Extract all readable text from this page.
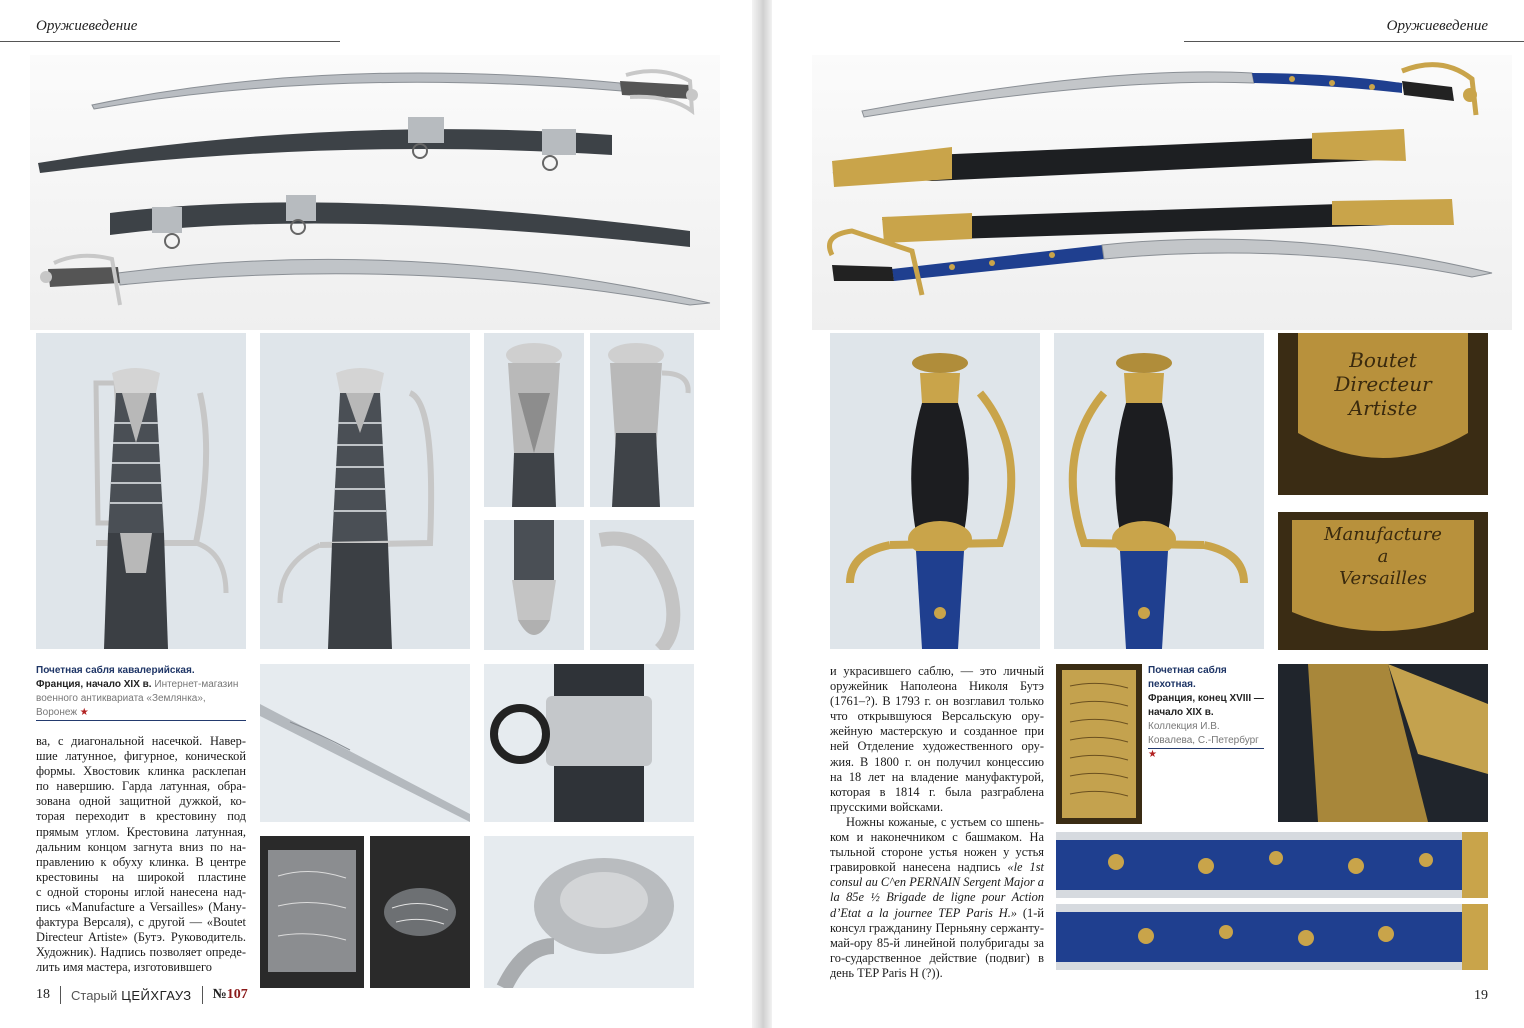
Оружиеведение
Почетная сабля кавалерийская.
Франция, начало XIX в. Интернет-магазин военного антиквариата «Землянка», Воронеж ★
ва, с диагональной насечкой. Навер-
шие латунное, фигурное, конической
формы. Хвостовик клинка расклепан
по навершию. Гарда латунная, обра-
зована одной защитной дужкой, ко-
торая переходит в крестовину под
прямым углом. Крестовина латунная,
дальним концом загнута вниз по на-
правлению к обуху клинка. В центре
крестовины на широкой пластине
с одной стороны иглой нанесена над-
пись «Manufacture a Versailles» (Ману-
фактура Версаля), с другой — «Boutet
Directeur Artiste» (Бутэ. Руководитель.
Художник). Надпись позволяет опреде-
лить имя мастера, изготовившего
18 Старый ЦЕЙХГАУЗ № 107
Оружиеведение
Boutet
Directeur
Artiste
Manufacture
a
Versailles
Почетная сабля пехотная.
Франция, конец XVIII — начало XIX в. Коллекция И.В. Ковалева, С.-Петербург ★
и украсившего саблю, — это личный
оружейник Наполеона Николя Бутэ
(1761–?). В 1793 г. он возглавил только
что открывшуюся Версальскую ору-
жейную мастерскую и созданное при
ней Отделение художественного ору-
жия. В 1800 г. он получил концессию
на 18 лет на владение мануфактурой,
которая в 1814 г. была разграблена
прусскими войсками.

Ножны кожаные, с устьем со шпень-ком и наконечником с башмаком. На тыльной стороне устья ножен у устья гравировкой нанесена надпись «le 1st consul au C^en PERNAIN Sergent Major a la 85e ½ Brigade de ligne pour Action d’Etat a la journee TEP Paris H.» (1-й консул гражданину Перньяну сержанту-май-ору 85-й линейной полубригады за го-сударственное действие (подвиг) в день TEP Paris H (?)).

19
